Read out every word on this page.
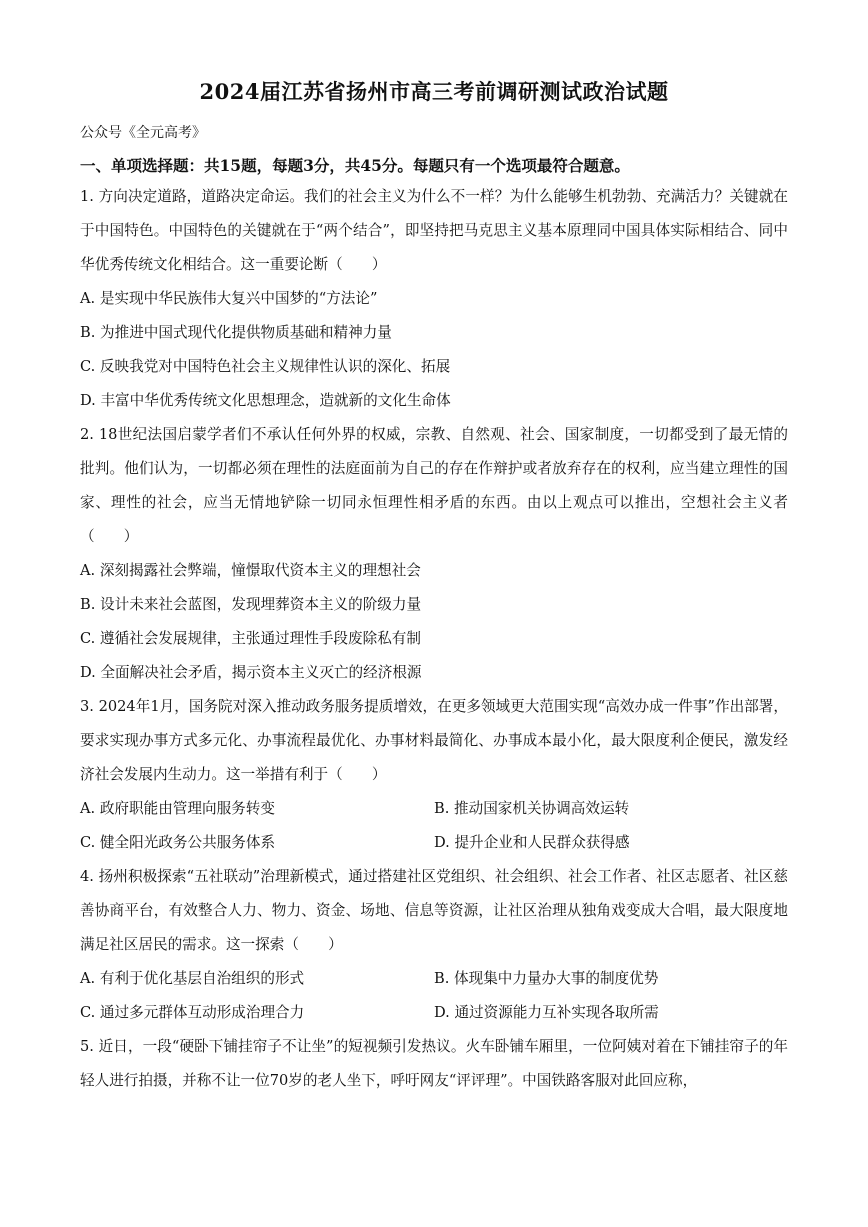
2024届江苏省扬州市高三考前调研测试政治试题
公众号《全元高考》
一、单项选择题：共15题，每题3分，共45分。每题只有一个选项最符合题意。

1. 方向决定道路，道路决定命运。我们的社会主义为什么不一样？为什么能够生机勃勃、充满活力？关键就在于中国特色。中国特色的关键就在于“两个结合”，即坚持把马克思主义基本原理同中国具体实际相结合、同中华优秀传统文化相结合。这一重要论断（　　）

A. 是实现中华民族伟大复兴中国梦的“方法论”

B. 为推进中国式现代化提供物质基础和精神力量

C. 反映我党对中国特色社会主义规律性认识的深化、拓展

D. 丰富中华优秀传统文化思想理念，造就新的文化生命体

2. 18世纪法国启蒙学者们不承认任何外界的权威，宗教、自然观、社会、国家制度，一切都受到了最无情的批判。他们认为，一切都必须在理性的法庭面前为自己的存在作辩护或者放弃存在的权利，应当建立理性的国家、理性的社会，应当无情地铲除一切同永恒理性相矛盾的东西。由以上观点可以推出，空想社会主义者（　　）

A. 深刻揭露社会弊端，憧憬取代资本主义的理想社会

B. 设计未来社会蓝图，发现埋葬资本主义的阶级力量

C. 遵循社会发展规律，主张通过理性手段废除私有制

D. 全面解决社会矛盾，揭示资本主义灭亡的经济根源

3. 2024年1月，国务院对深入推动政务服务提质增效，在更多领域更大范围实现“高效办成一件事”作出部署，要求实现办事方式多元化、办事流程最优化、办事材料最简化、办事成本最小化，最大限度利企便民，激发经济社会发展内生动力。这一举措有利于（　　）

A. 政府职能由管理向服务转变	B. 推动国家机关协调高效运转
C. 健全阳光政务公共服务体系	D. 提升企业和人民群众获得感

4. 扬州积极探索“五社联动”治理新模式，通过搭建社区党组织、社会组织、社会工作者、社区志愿者、社区慈善协商平台，有效整合人力、物力、资金、场地、信息等资源，让社区治理从独角戏变成大合唱，最大限度地满足社区居民的需求。这一探索（　　）

A. 有利于优化基层自治组织的形式	B. 体现集中力量办大事的制度优势
C. 通过多元群体互动形成治理合力	D. 通过资源能力互补实现各取所需

5. 近日，一段“硬卧下铺挂帘子不让坐”的短视频引发热议。火车卧铺车厢里，一位阿姨对着在下铺挂帘子的年轻人进行拍摄，并称不让一位70岁的老人坐下，呼吁网友“评评理”。中国铁路客服对此回应称，
